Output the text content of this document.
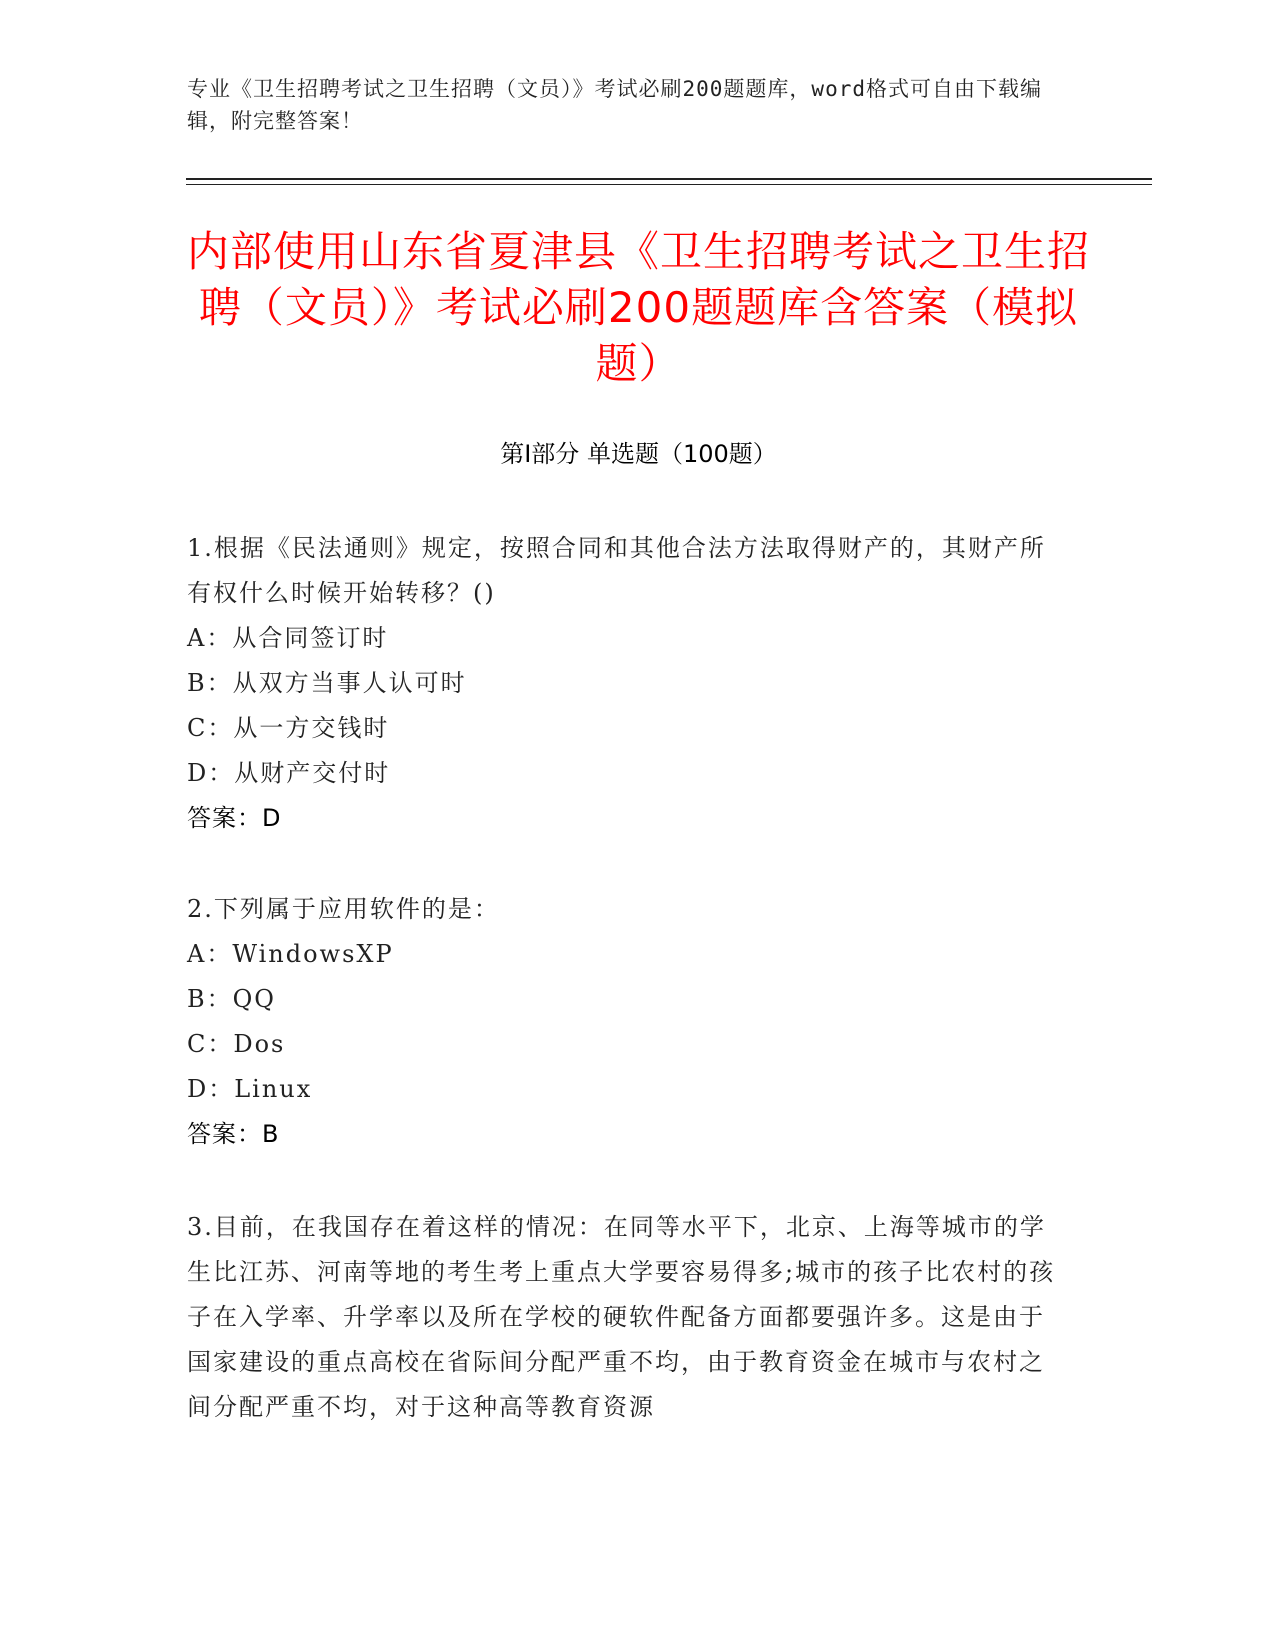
专业《卫生招聘考试之卫生招聘（文员）》考试必刷200题题库，word格式可自由下载编辑，附完整答案！
内部使用山东省夏津县《卫生招聘考试之卫生招聘（文员）》考试必刷200题题库含答案（模拟题）
第Ⅰ部分 单选题（100题）
1.根据《民法通则》规定，按照合同和其他合法方法取得财产的，其财产所有权什么时候开始转移？()
A：从合同签订时
B：从双方当事人认可时
C：从一方交钱时
D：从财产交付时
答案：D
2.下列属于应用软件的是：
A：WindowsXP
B：QQ
C：Dos
D：Linux
答案：B
3.目前，在我国存在着这样的情况：在同等水平下，北京、上海等城市的学生比江苏、河南等地的考生考上重点大学要容易得多;城市的孩子比农村的孩子在入学率、升学率以及所在学校的硬软件配备方面都要强许多。这是由于国家建设的重点高校在省际间分配严重不均，由于教育资金在城市与农村之间分配严重不均，对于这种高等教育资源
